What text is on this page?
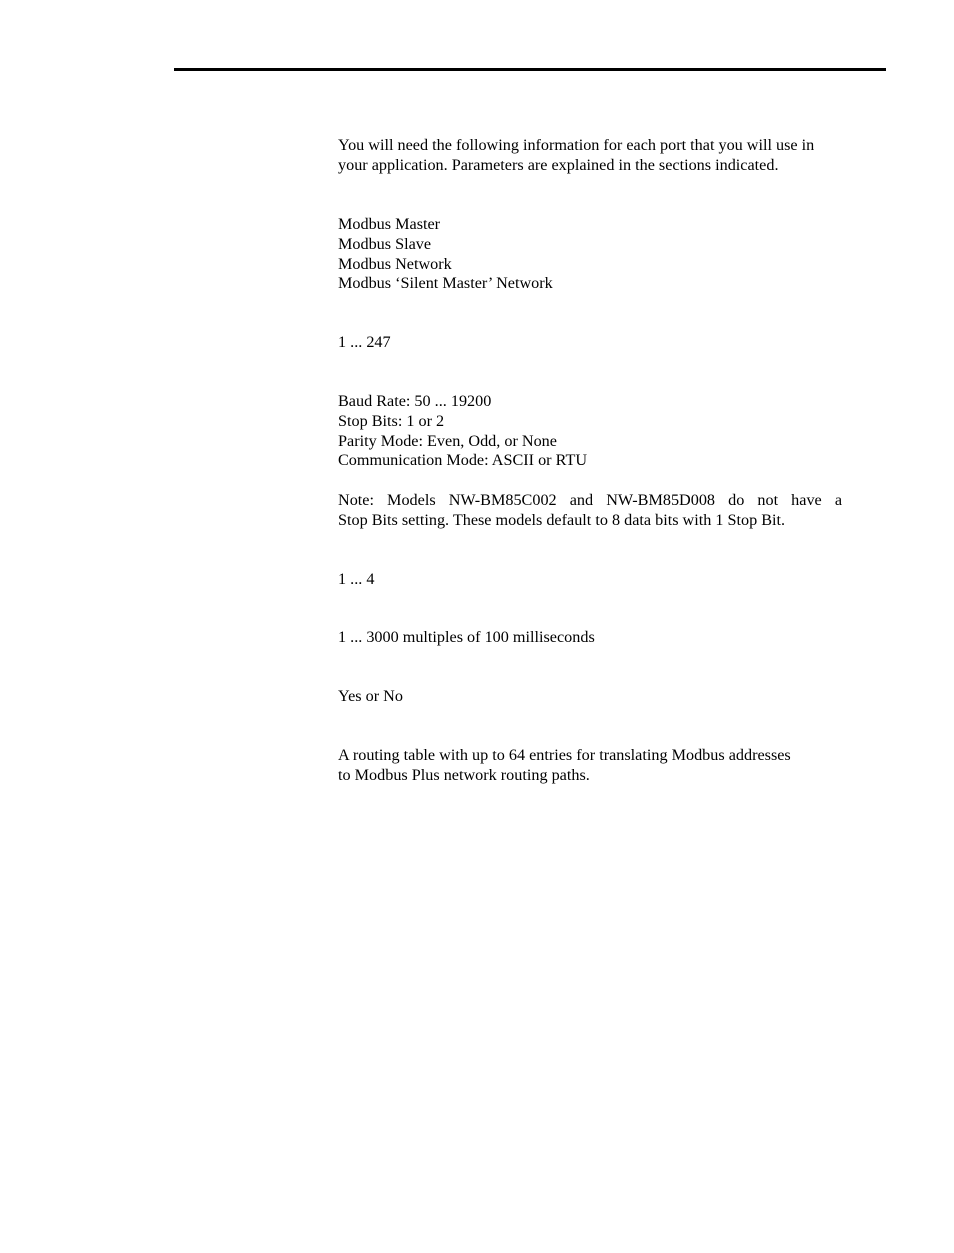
You will need the following information for each port that you will use in
your application. Parameters are explained in the sections indicated.
Modbus Master
Modbus Slave
Modbus Network
Modbus ‘Silent Master’ Network
1 ... 247
Baud Rate: 50 ... 19200
Stop Bits: 1 or 2
Parity Mode: Even, Odd, or None
Communication Mode: ASCII or RTU
Note: Models NW-BM85C002 and NW-BM85D008 do not have a
Stop Bits setting. These models default to 8 data bits with 1 Stop Bit.
1 ... 4
1 ... 3000 multiples of 100 milliseconds
Yes or No
A routing table with up to 64 entries for translating Modbus addresses
to Modbus Plus network routing paths.
